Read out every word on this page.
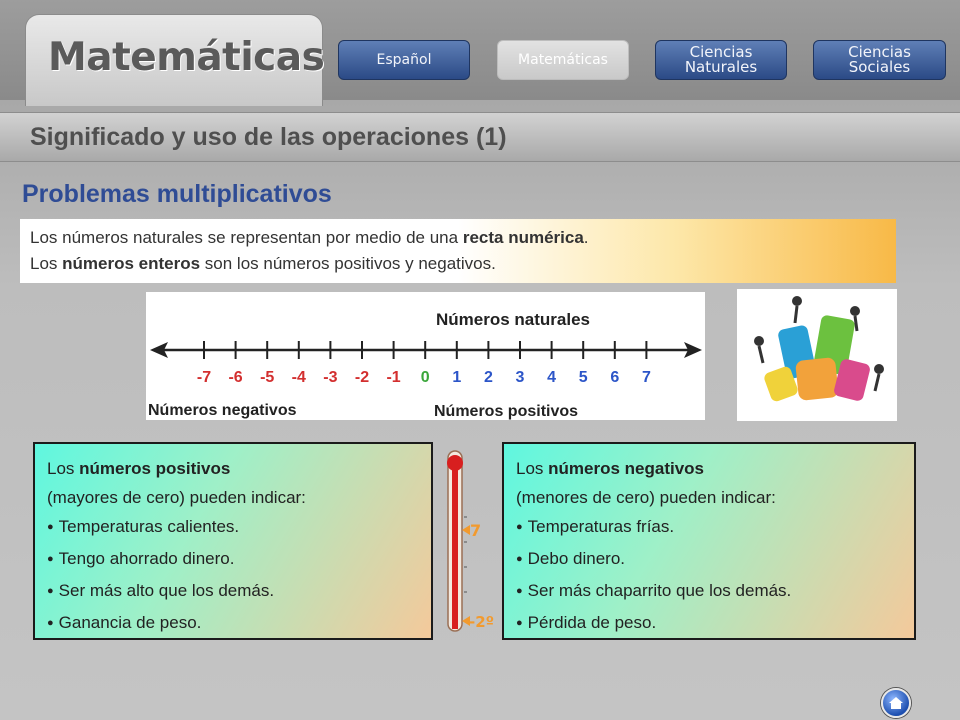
Matemáticas	Español	Matemáticas	Ciencias Naturales
Ciencias Sociales
Significado y uso de las operaciones (1)
Problemas multiplicativos
Los números naturales se representan por medio de una recta numérica.
Los números enteros son los números positivos y negativos.
Números naturales
-7 -6 -5 -4 -3 -2 -1 0 1 2 3 4 5 6 7
Números negativos	Números positivos
Los números positivos
(mayores de cero) pueden indicar:
● Temperaturas calientes.
● Tengo ahorrado dinero.
● Ser más alto que los demás.
● Ganancia de peso.
7
-2º
Los números negativos
(menores de cero) pueden indicar:
● Temperaturas frías.
● Debo dinero.
● Ser más chaparrito que los demás.
● Pérdida de peso.
